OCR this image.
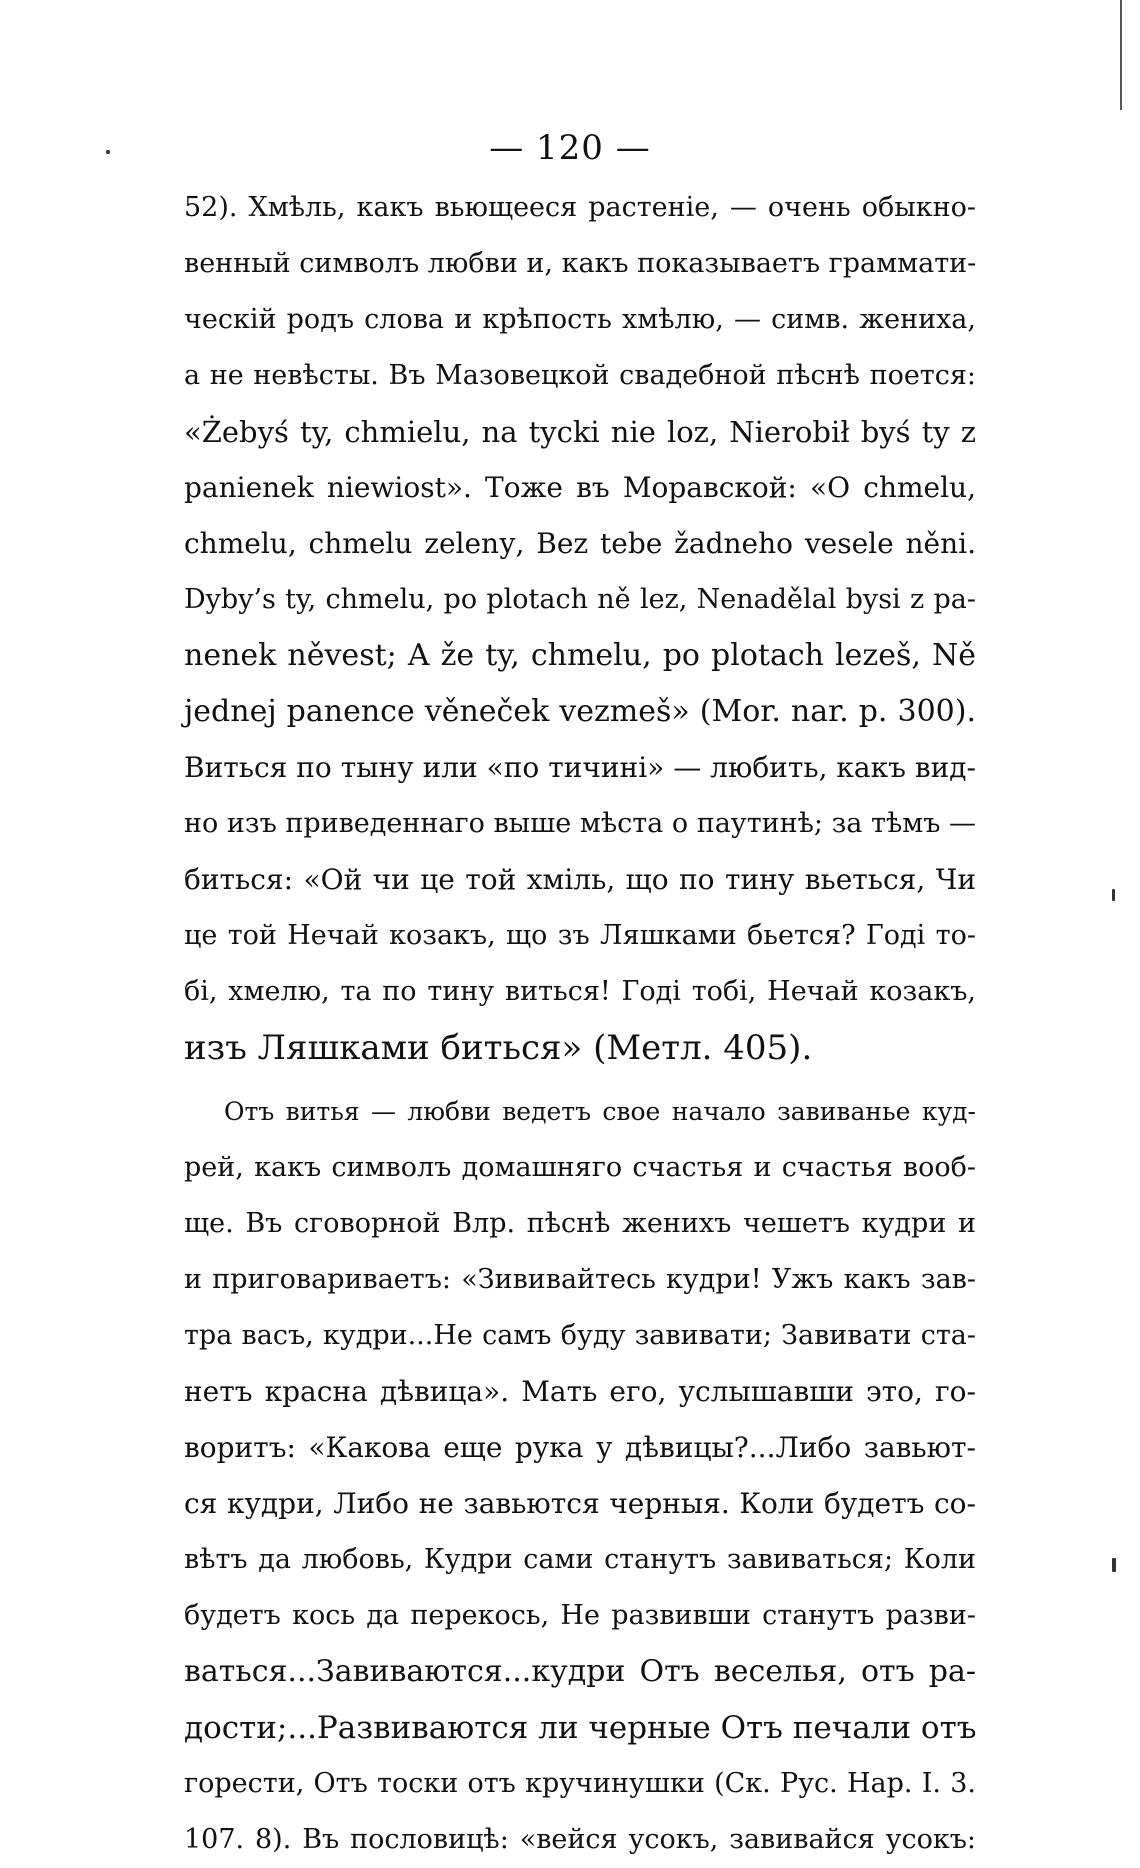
— 120 —
52). Хмѣль, какъ вьющееся растеніе, — очень обыкно-
венный символъ любви и, какъ показываетъ граммати-
ческій родъ слова и крѣпость хмѣлю, — симв. жениха,
а не невѣсты. Въ Мазовецкой свадебной пѣснѣ поется:
«Żebyś ty, chmielu, na tycki nie loz, Nierobił byś ty z
panienek niewiost». Тоже въ Моравской: «O chmelu,
chmelu, chmelu zelenу, Bez tebe žadneho vesele něni.
Dyby’s ty, chmelu, po plotach ně lez, Nenadělal bysi z pa-
nenek něvest; A že ty, chmelu, po plotach lezeš, Ně
jednej panence věneček vezmeš» (Mor. nar. p. 300).
Виться по тыну или «по тичині» — любить, какъ вид-
но изъ приведеннаго выше мѣста о паутинѣ; за тѣмъ —
биться: «Ой чи це той хміль, що по тину вьеться, Чи
це той Нечай козакъ, що зъ Ляшками бьется? Годі то-
бі, хмелю, та по тину виться! Годі тобі, Нечай козакъ,
изъ Ляшками биться» (Метл. 405).
Отъ витья — любви ведетъ свое начало завиванье куд-
рей, какъ символъ домашняго счастья и счастья вооб-
ще. Въ сговорной Влр. пѣснѣ женихъ чешетъ кудри и
и приговариваетъ: «Зививайтесь кудри! Ужъ какъ зав-
тра васъ, кудри...Не самъ буду завивати; Завивати ста-
нетъ красна дѣвица». Мать его, услышавши это, го-
воритъ: «Какова еще рука у дѣвицы?...Либо завьют-
ся кудри, Либо не завьются черныя. Коли будетъ со-
вѣтъ да любовь, Кудри сами станутъ завиваться; Коли
будетъ кось да перекось, Не развивши станутъ разви-
ваться...Завиваются...кудри Отъ веселья, отъ ра-
дости;...Развиваются ли черные Отъ печали отъ
горести, Отъ тоски отъ кручинушки (Ск. Рус. Нар. I. 3.
107. 8). Въ пословицѣ: «вейся усокъ, завивайся усокъ:
